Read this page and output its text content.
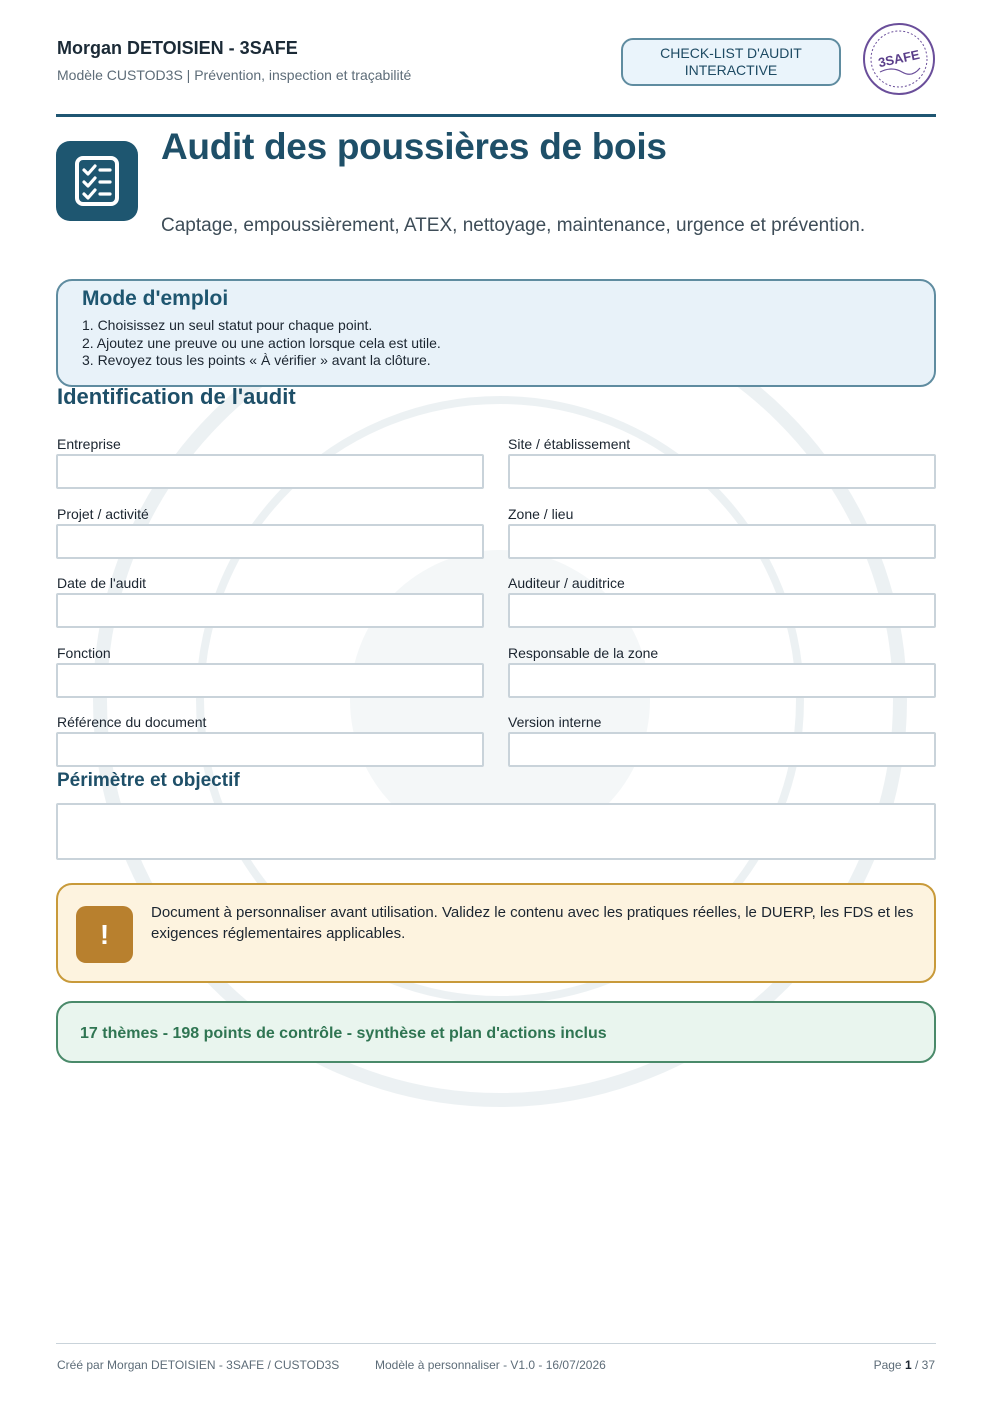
Morgan DETOISIEN - 3SAFE
Modèle CUSTOD3S | Prévention, inspection et traçabilité
CHECK-LIST D'AUDIT
INTERACTIVE	3SAFE
Audit des poussières de bois
Captage, empoussièrement, ATEX, nettoyage, maintenance, urgence et prévention.
Mode d'emploi
1. Choisissez un seul statut pour chaque point.
2. Ajoutez une preuve ou une action lorsque cela est utile.
3. Revoyez tous les points « À vérifier » avant la clôture.
Identification de l'audit
Entreprise	Site / établissement
Projet / activité	Zone / lieu
Date de l'audit	Auditeur / auditrice
Fonction	Responsable de la zone
Référence du document	Version interne
Périmètre et objectif
!
Document à personnaliser avant utilisation. Validez le contenu avec les pratiques réelles, le DUERP, les FDS et les exigences réglementaires applicables.
17 thèmes - 198 points de contrôle - synthèse et plan d'actions inclus
Créé par Morgan DETOISIEN - 3SAFE / CUSTOD3S	Modèle à personnaliser - V1.0 - 16/07/2026	Page 1 / 37
